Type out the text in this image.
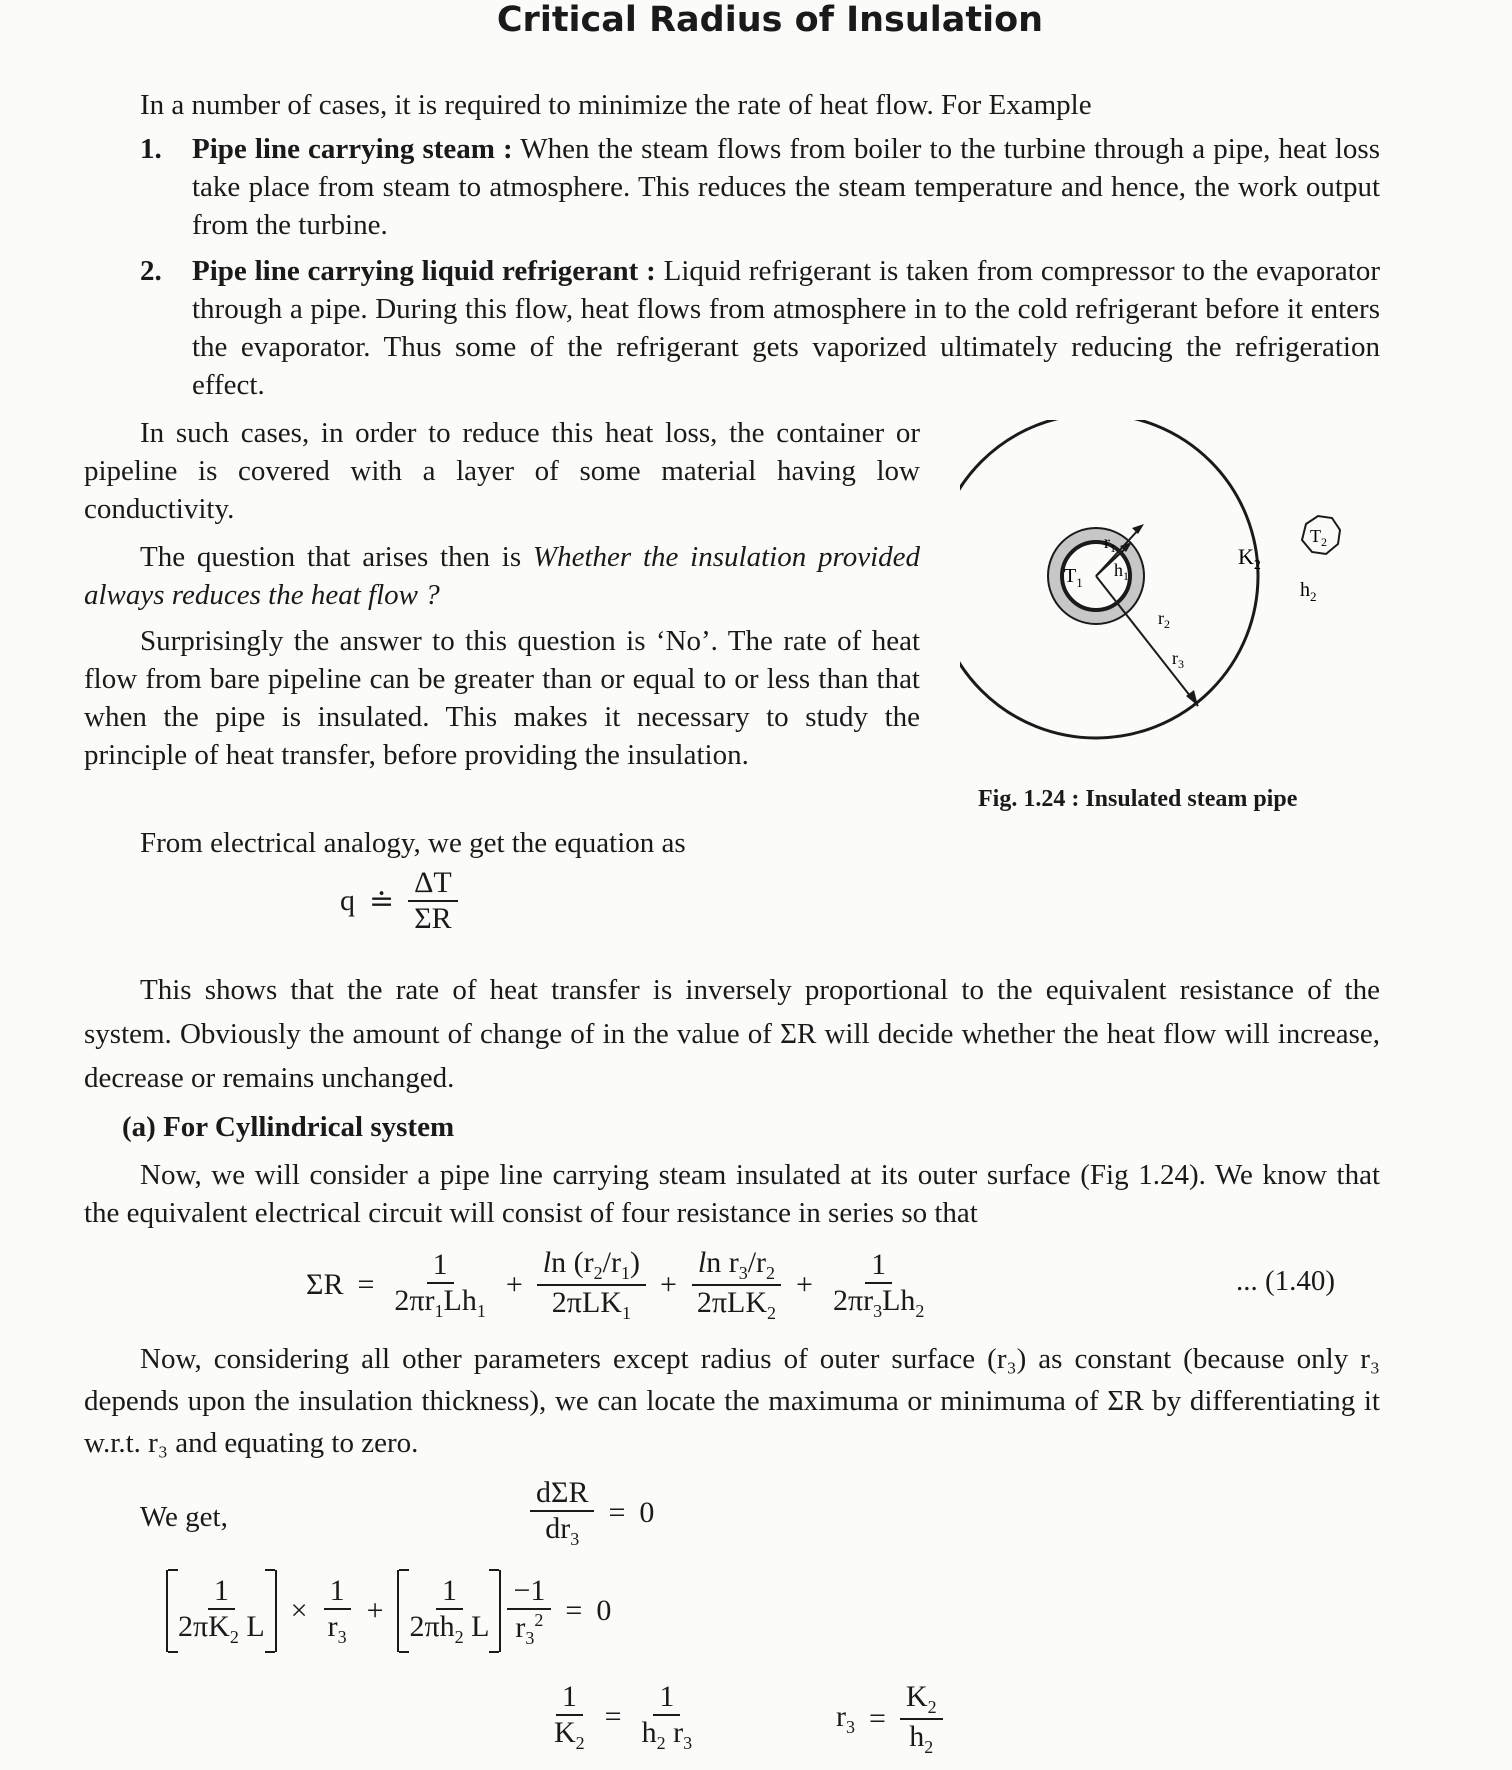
Critical Radius of Insulation
In a number of cases, it is required to minimize the rate of heat flow. For Example
1.	Pipe line carrying steam : When the steam flows from boiler to the turbine through a pipe, heat loss take place from steam to atmosphere. This reduces the steam temperature and hence, the work output from the turbine.
2.	Pipe line carrying liquid refrigerant : Liquid refrigerant is taken from compressor to the evaporator through a pipe. During this flow, heat flows from atmosphere in to the cold refrigerant before it enters the evaporator. Thus some of the refrigerant gets vaporized ultimately reducing the refrigeration effect.
In such cases, in order to reduce this heat loss, the container or pipeline is covered with a layer of some material having low conductivity.
The question that arises then is Whether the insulation provided always reduces the heat flow ?
Surprisingly the answer to this question is ‘No’. The rate of heat flow from bare pipeline can be greater than or equal to or less than that when the pipe is insulated. This makes it necessary to study the principle of heat transfer, before providing the insulation.
From electrical analogy, we get the equation as
$T_1$
$r_1$
$h_1$
$r_2$
$r_3$
$K_2$
$T_2$
$h_2$
Fig. 1.24 : Insulated steam pipe
q ≐ $\frac{\Delta T}{\Sigma R}$
This shows that the rate of heat transfer is inversely proportional to the equivalent resistance of the system. Obviously the amount of change of in the value of ΣR will decide whether the heat flow will increase, decrease or remains unchanged.
(a) For Cyllindrical system
Now, we will consider a pipe line carrying steam insulated at its outer surface (Fig 1.24). We know that the equivalent electrical circuit will consist of four resistance in series so that
$\Sigma R = \frac{1}{2\pi r_1Lh_1} + \frac{\ln (r_2/r_1)}{2\pi LK_1} + \frac{\ln r_3/r_2}{2\pi LK_2} + \frac{1}{2\pi r_3Lh_2}$	... (1.40)
Now, considering all other parameters except radius of outer surface (r₃) as constant (because only r₃ depends upon the insulation thickness), we can locate the maximuma or minimuma of ΣR by differentiating it w.r.t. r₃ and equating to zero.
We get,	$\frac{\text{dΣR}}{dr_3} = 0$
$\frac{1}{2\pi K_2 L} \times \frac{1}{r_3} + \frac{1}{2\pi h_2 L} \frac{-1}{r_3^2} = 0$
$\frac{1}{K_2} = \frac{1}{h_2 r_3}$	$r_3 = \frac{K_2}{h_2}$
